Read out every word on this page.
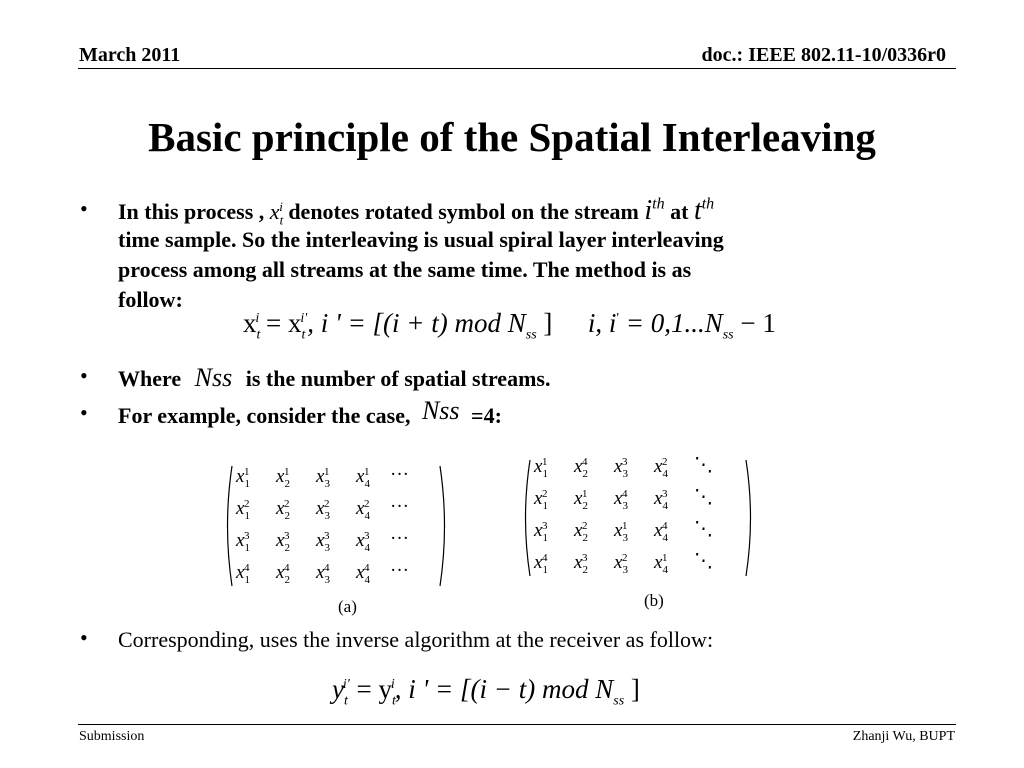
March 2011	doc.: IEEE 802.11-10/0336r0
Basic principle of the Spatial Interleaving
• In this process , $x_t^i$ denotes rotated symbol on the stream $i^{th}$ at $t^{th}$
time sample. So the interleaving is usual spiral layer interleaving
process among all streams at the same time. The method is as
follow:
$x_t^i = x_t^{i'}$, i ' = [(i + t) mod $N_{ss}$ ] i, $i' = 0,1...N_{ss} - 1$
• Where Nss is the number of spatial streams.
• For example, consider the case, Nss =4:
$x_1^1$	$x_2^1$	$x_3^1$	$x_4^1$	···
$x_1^2$	$x_2^2$	$x_3^2$	$x_4^2$	···
$x_1^3$	$x_2^3$	$x_3^3$	$x_4^3$	···
$x_1^4$	$x_2^4$	$x_3^4$	$x_4^4$	···
(a)
$x_1^1$	$x_2^4$	$x_3^3$	$x_4^2$	⋱
$x_1^2$	$x_2^1$	$x_3^4$	$x_4^3$	⋱
$x_1^3$	$x_2^2$	$x_3^1$	$x_4^4$	⋱
$x_1^4$	$x_2^3$	$x_3^2$	$x_4^1$	⋱
(b)
• Corresponding, uses the inverse algorithm at the receiver as follow:
$y_t^{i'} = y_t^i$, i ' = [(i − t) mod $N_{ss}$ ]
Submission	Zhanji Wu, BUPT
